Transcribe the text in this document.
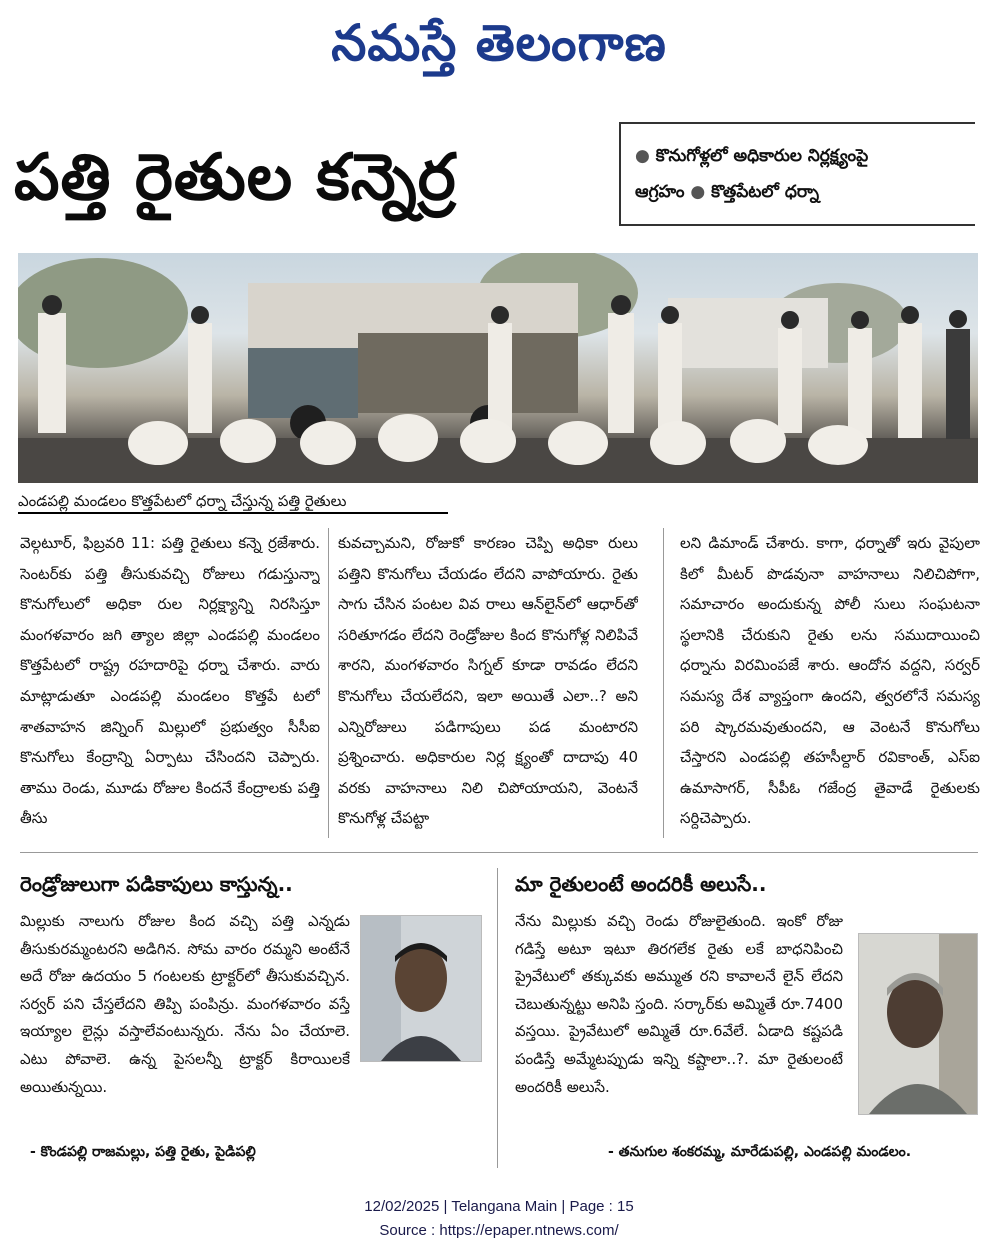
నమస్తే తెలంగాణ
పత్తి రైతుల కన్నెర్ర	● కొనుగోళ్లలో అధికారుల నిర్లక్ష్యంపై
ఆగ్రహం ● కొత్తపేటలో ధర్నా
ఎండపల్లి మండలం కొత్తపేటలో ధర్నా చేస్తున్న పత్తి రైతులు
వెల్గటూర్, ఫిబ్రవరి 11: పత్తి రైతులు కన్నె ర్రజేశారు. సెంటర్‌కు పత్తి తీసుకువచ్చి రోజులు గడుస్తున్నా కొనుగోలులో అధికా రుల నిర్లక్ష్యాన్ని నిరసిస్తూ మంగళవారం జగి త్యాల జిల్లా ఎండపల్లి మండలం కొత్తపేటలో రాష్ట్ర రహదారిపై ధర్నా చేశారు. వారు మాట్లాడుతూ ఎండపల్లి మండలం కొత్తపే టలో శాతవాహన జిన్నింగ్ మిల్లులో ప్రభుత్వం సీసీఐ కొనుగోలు కేంద్రాన్ని ఏర్పాటు చేసిందని చెప్పారు. తాము రెండు, మూడు రోజుల కిందనే కేంద్రాలకు పత్తి తీసు
కువచ్చామని, రోజుకో కారణం చెప్పి అధికా రులు పత్తిని కొనుగోలు చేయడం లేదని వాపోయారు. రైతు సాగు చేసిన పంటల వివ రాలు ఆన్‌లైన్‌లో ఆధార్‌తో సరితూగడం లేదని రెండ్రోజుల కింద కొనుగోళ్ల నిలిపివే శారని, మంగళవారం సిగ్నల్ కూడా రావడం లేదని కొనుగోలు చేయలేదని, ఇలా అయితే ఎలా..? అని ఎన్నిరోజులు పడిగాపులు పడ మంటారని ప్రశ్నించారు. అధికారుల నిర్ల క్ష్యంతో దాదాపు 40 వరకు వాహనాలు నిలి చిపోయాయని, వెంటనే కొనుగోళ్ల చేపట్టా
లని డిమాండ్ చేశారు. కాగా, ధర్నాతో ఇరు వైపులా కిలో మీటర్ పొడవునా వాహనాలు నిలిచిపోగా, సమాచారం అందుకున్న పోలీ సులు సంఘటనా స్థలానికి చేరుకుని రైతు లను సముదాయించి ధర్నాను విరమింపజే శారు. ఆందోన వద్దని, సర్వర్ సమస్య దేశ వ్యాప్తంగా ఉందని, త్వరలోనే సమస్య పరి ష్కారమవుతుందని, ఆ వెంటనే కొనుగోలు చేస్తారని ఎండపల్లి తహసీల్దార్ రవికాంత్, ఎస్ఐ ఉమాసాగర్, సీపీఓ గజేంద్ర తైవాడే రైతులకు సర్దిచెప్పారు.
రెండ్రోజులుగా పడికాపులు కాస్తున్న..
మిల్లుకు నాలుగు రోజుల కింద వచ్చి పత్తి ఎన్నడు తీసుకురమ్మంటరని అడిగిన. సోమ వారం రమ్మని అంటేనే అదే రోజు ఉదయం 5 గంటలకు ట్రాక్టర్‌లో తీసుకువచ్చిన. సర్వర్ పని చేస్తలేదని తిప్పి పంపిన్రు. మంగళవారం వస్తే ఇయ్యాల లైన్లు వస్తాలేవంటున్నరు. నేను ఏం చేయాలె. ఎటు పోవాలె. ఉన్న పైసలన్నీ ట్రాక్టర్ కిరాయిలకే అయితున్నయి.
- కొండపల్లి రాజమల్లు, పత్తి రైతు, పైడిపల్లి
మా రైతులంటే అందరికీ అలుసే..
నేను మిల్లుకు వచ్చి రెండు రోజులైతుంది. ఇంకో రోజు గడిస్తే అటూ ఇటూ తిరగలేక రైతు లకే బాధనిపించి ప్రైవేటులో తక్కువకు అమ్ముత రని కావాలనే లైన్ లేదని చెబుతున్నట్టు అనిపి స్తంది. సర్కార్‌కు అమ్మితే రూ.7400 వస్తయి. ప్రైవేటులో అమ్మితే రూ.6వేలే. ఏడాది కష్టపడి పండిస్తే అమ్మేటప్పుడు ఇన్ని కష్టాలా..?. మా రైతులంటే అందరికీ అలుసే.
- తనుగుల శంకరమ్మ, మారేడుపల్లి, ఎండపల్లి మండలం.
12/02/2025 | Telangana Main | Page : 15
Source : https://epaper.ntnews.com/
